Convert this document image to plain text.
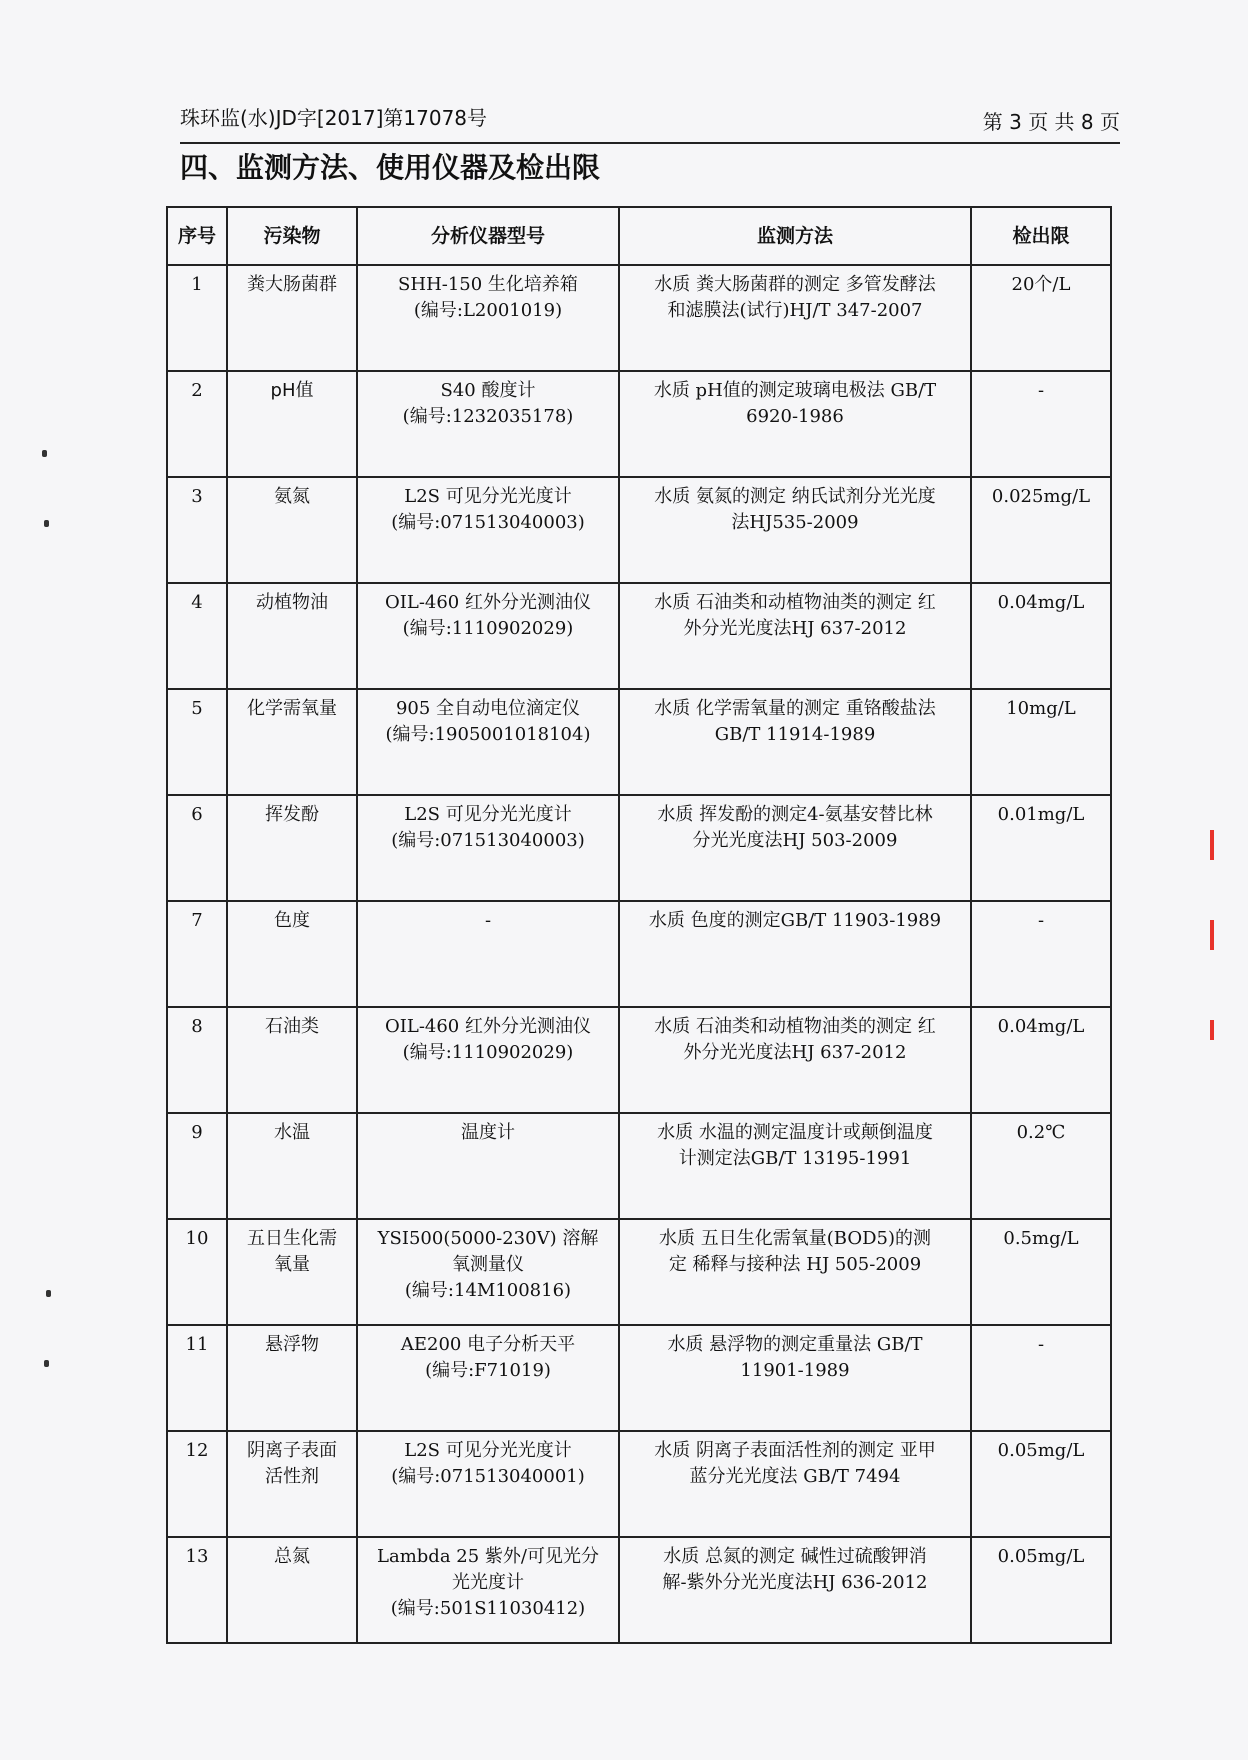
珠环监(水)JD字[2017]第17078号	第 3 页 共 8 页
四、监测方法、使用仪器及检出限
序号	污染物	分析仪器型号	监测方法	检出限
1	粪大肠菌群	SHH-150 生化培养箱
(编号:L2001019)	水质 粪大肠菌群的测定 多管发酵法
和滤膜法(试行)HJ/T 347-2007	20个/L
2	pH值	S40 酸度计
(编号:1232035178)	水质 pH值的测定玻璃电极法 GB/T
6920-1986	-
3	氨氮	L2S 可见分光光度计
(编号:071513040003)	水质 氨氮的测定 纳氏试剂分光光度
法HJ535-2009	0.025mg/L
4	动植物油	OIL-460 红外分光测油仪
(编号:1110902029)	水质 石油类和动植物油类的测定 红
外分光光度法HJ 637-2012	0.04mg/L
5	化学需氧量	905 全自动电位滴定仪
(编号:1905001018104)	水质 化学需氧量的测定 重铬酸盐法
GB/T 11914-1989	10mg/L
6	挥发酚	L2S 可见分光光度计
(编号:071513040003)	水质 挥发酚的测定4-氨基安替比林
分光光度法HJ 503-2009	0.01mg/L
7	色度	-	水质 色度的测定GB/T 11903-1989	-
8	石油类	OIL-460 红外分光测油仪
(编号:1110902029)	水质 石油类和动植物油类的测定 红
外分光光度法HJ 637-2012	0.04mg/L
9	水温	温度计	水质 水温的测定温度计或颠倒温度
计测定法GB/T 13195-1991	0.2℃
10	五日生化需
氧量	YSI500(5000-230V) 溶解
氧测量仪
(编号:14M100816)	水质 五日生化需氧量(BOD5)的测
定 稀释与接种法 HJ 505-2009	0.5mg/L
11	悬浮物	AE200 电子分析天平
(编号:F71019)	水质 悬浮物的测定重量法 GB/T
11901-1989	-
12	阴离子表面
活性剂	L2S 可见分光光度计
(编号:071513040001)	水质 阴离子表面活性剂的测定 亚甲
蓝分光光度法 GB/T 7494	0.05mg/L
13	总氮	Lambda 25 紫外/可见光分
光光度计
(编号:501S11030412)	水质 总氮的测定 碱性过硫酸钾消
解-紫外分光光度法HJ 636-2012	0.05mg/L
